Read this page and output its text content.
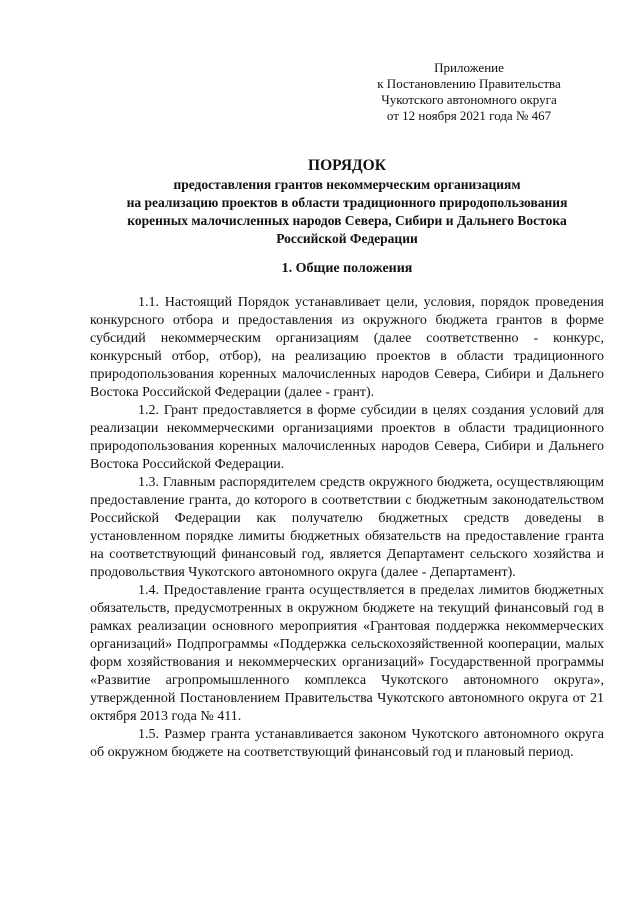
Приложение
к Постановлению Правительства
Чукотского автономного округа
от 12 ноября 2021 года № 467
ПОРЯДОК
предоставления грантов некоммерческим организациям
на реализацию проектов в области традиционного природопользования
коренных малочисленных народов Севера, Сибири и Дальнего Востока
Российской Федерации
1. Общие положения

1.1. Настоящий Порядок устанавливает цели, условия, порядок проведения конкурсного отбора и предоставления из окружного бюджета грантов в форме субсидий некоммерческим организациям (далее соответственно - конкурс, конкурсный отбор, отбор), на реализацию проектов в области традиционного природопользования коренных малочисленных народов Севера, Сибири и Дальнего Востока Российской Федерации (далее - грант).

1.2. Грант предоставляется в форме субсидии в целях создания условий для реализации некоммерческими организациями проектов в области традиционного природопользования коренных малочисленных народов Севера, Сибири и Дальнего Востока Российской Федерации.

1.3. Главным распорядителем средств окружного бюджета, осуществляющим предоставление гранта, до которого в соответствии с бюджетным законодательством Российской Федерации как получателю бюджетных средств доведены в установленном порядке лимиты бюджетных обязательств на предоставление гранта на соответствующий финансовый год, является Департамент сельского хозяйства и продовольствия Чукотского автономного округа (далее - Департамент).

1.4. Предоставление гранта осуществляется в пределах лимитов бюджетных обязательств, предусмотренных в окружном бюджете на текущий финансовый год в рамках реализации основного мероприятия «Грантовая поддержка некоммерческих организаций» Подпрограммы «Поддержка сельскохозяйственной кооперации, малых форм хозяйствования и некоммерческих организаций» Государственной программы «Развитие агропромышленного комплекса Чукотского автономного округа», утвержденной Постановлением Правительства Чукотского автономного округа от 21 октября 2013 года № 411.

1.5. Размер гранта устанавливается законом Чукотского автономного округа об окружном бюджете на соответствующий финансовый год и плановый период.
